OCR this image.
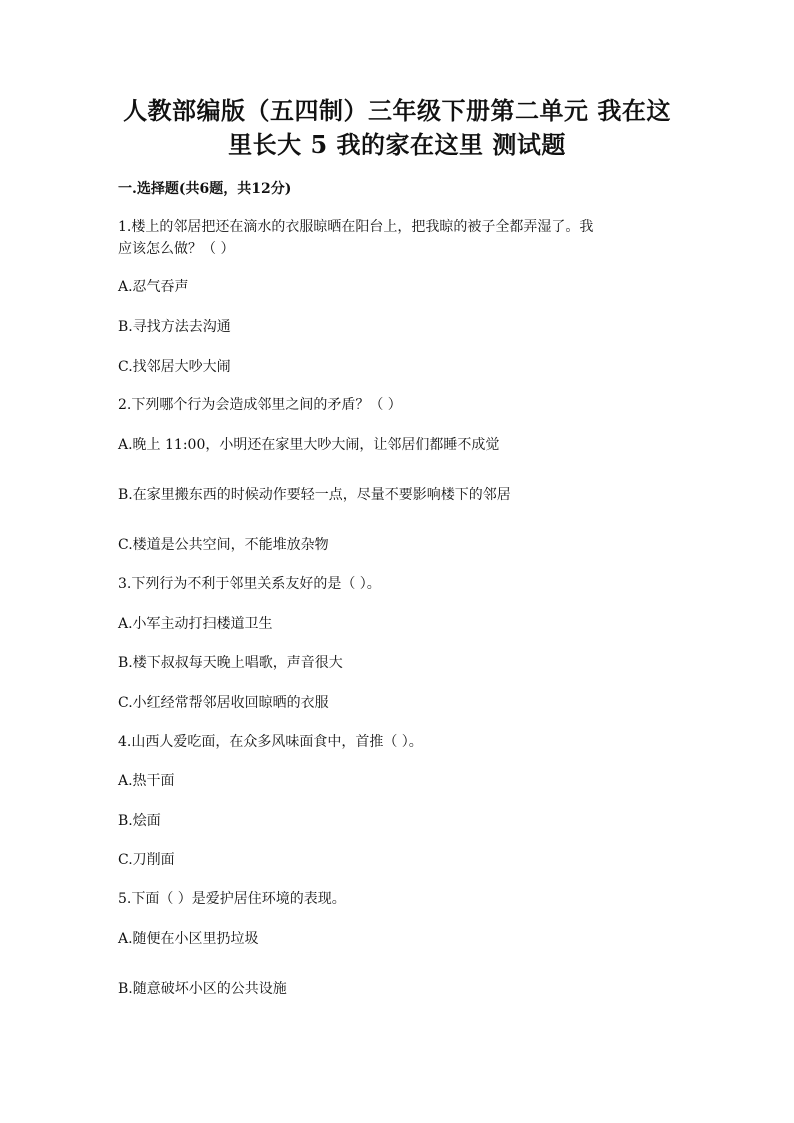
人教部编版（五四制）三年级下册第二单元 我在这
里长大 5 我的家在这里 测试题
一.选择题(共6题，共12分)
1.楼上的邻居把还在滴水的衣服晾晒在阳台上，把我晾的被子全都弄湿了。我
应该怎么做？（ ）
A.忍气吞声
B.寻找方法去沟通
C.找邻居大吵大闹
2.下列哪个行为会造成邻里之间的矛盾？（ ）
A.晚上 11:00，小明还在家里大吵大闹，让邻居们都睡不成觉
B.在家里搬东西的时候动作要轻一点，尽量不要影响楼下的邻居
C.楼道是公共空间，不能堆放杂物
3.下列行为不利于邻里关系友好的是（ ）。
A.小军主动打扫楼道卫生
B.楼下叔叔每天晚上唱歌，声音很大
C.小红经常帮邻居收回晾晒的衣服
4.山西人爱吃面，在众多风味面食中，首推（ ）。
A.热干面
B.烩面
C.刀削面
5.下面（ ）是爱护居住环境的表现。
A.随便在小区里扔垃圾
B.随意破坏小区的公共设施
